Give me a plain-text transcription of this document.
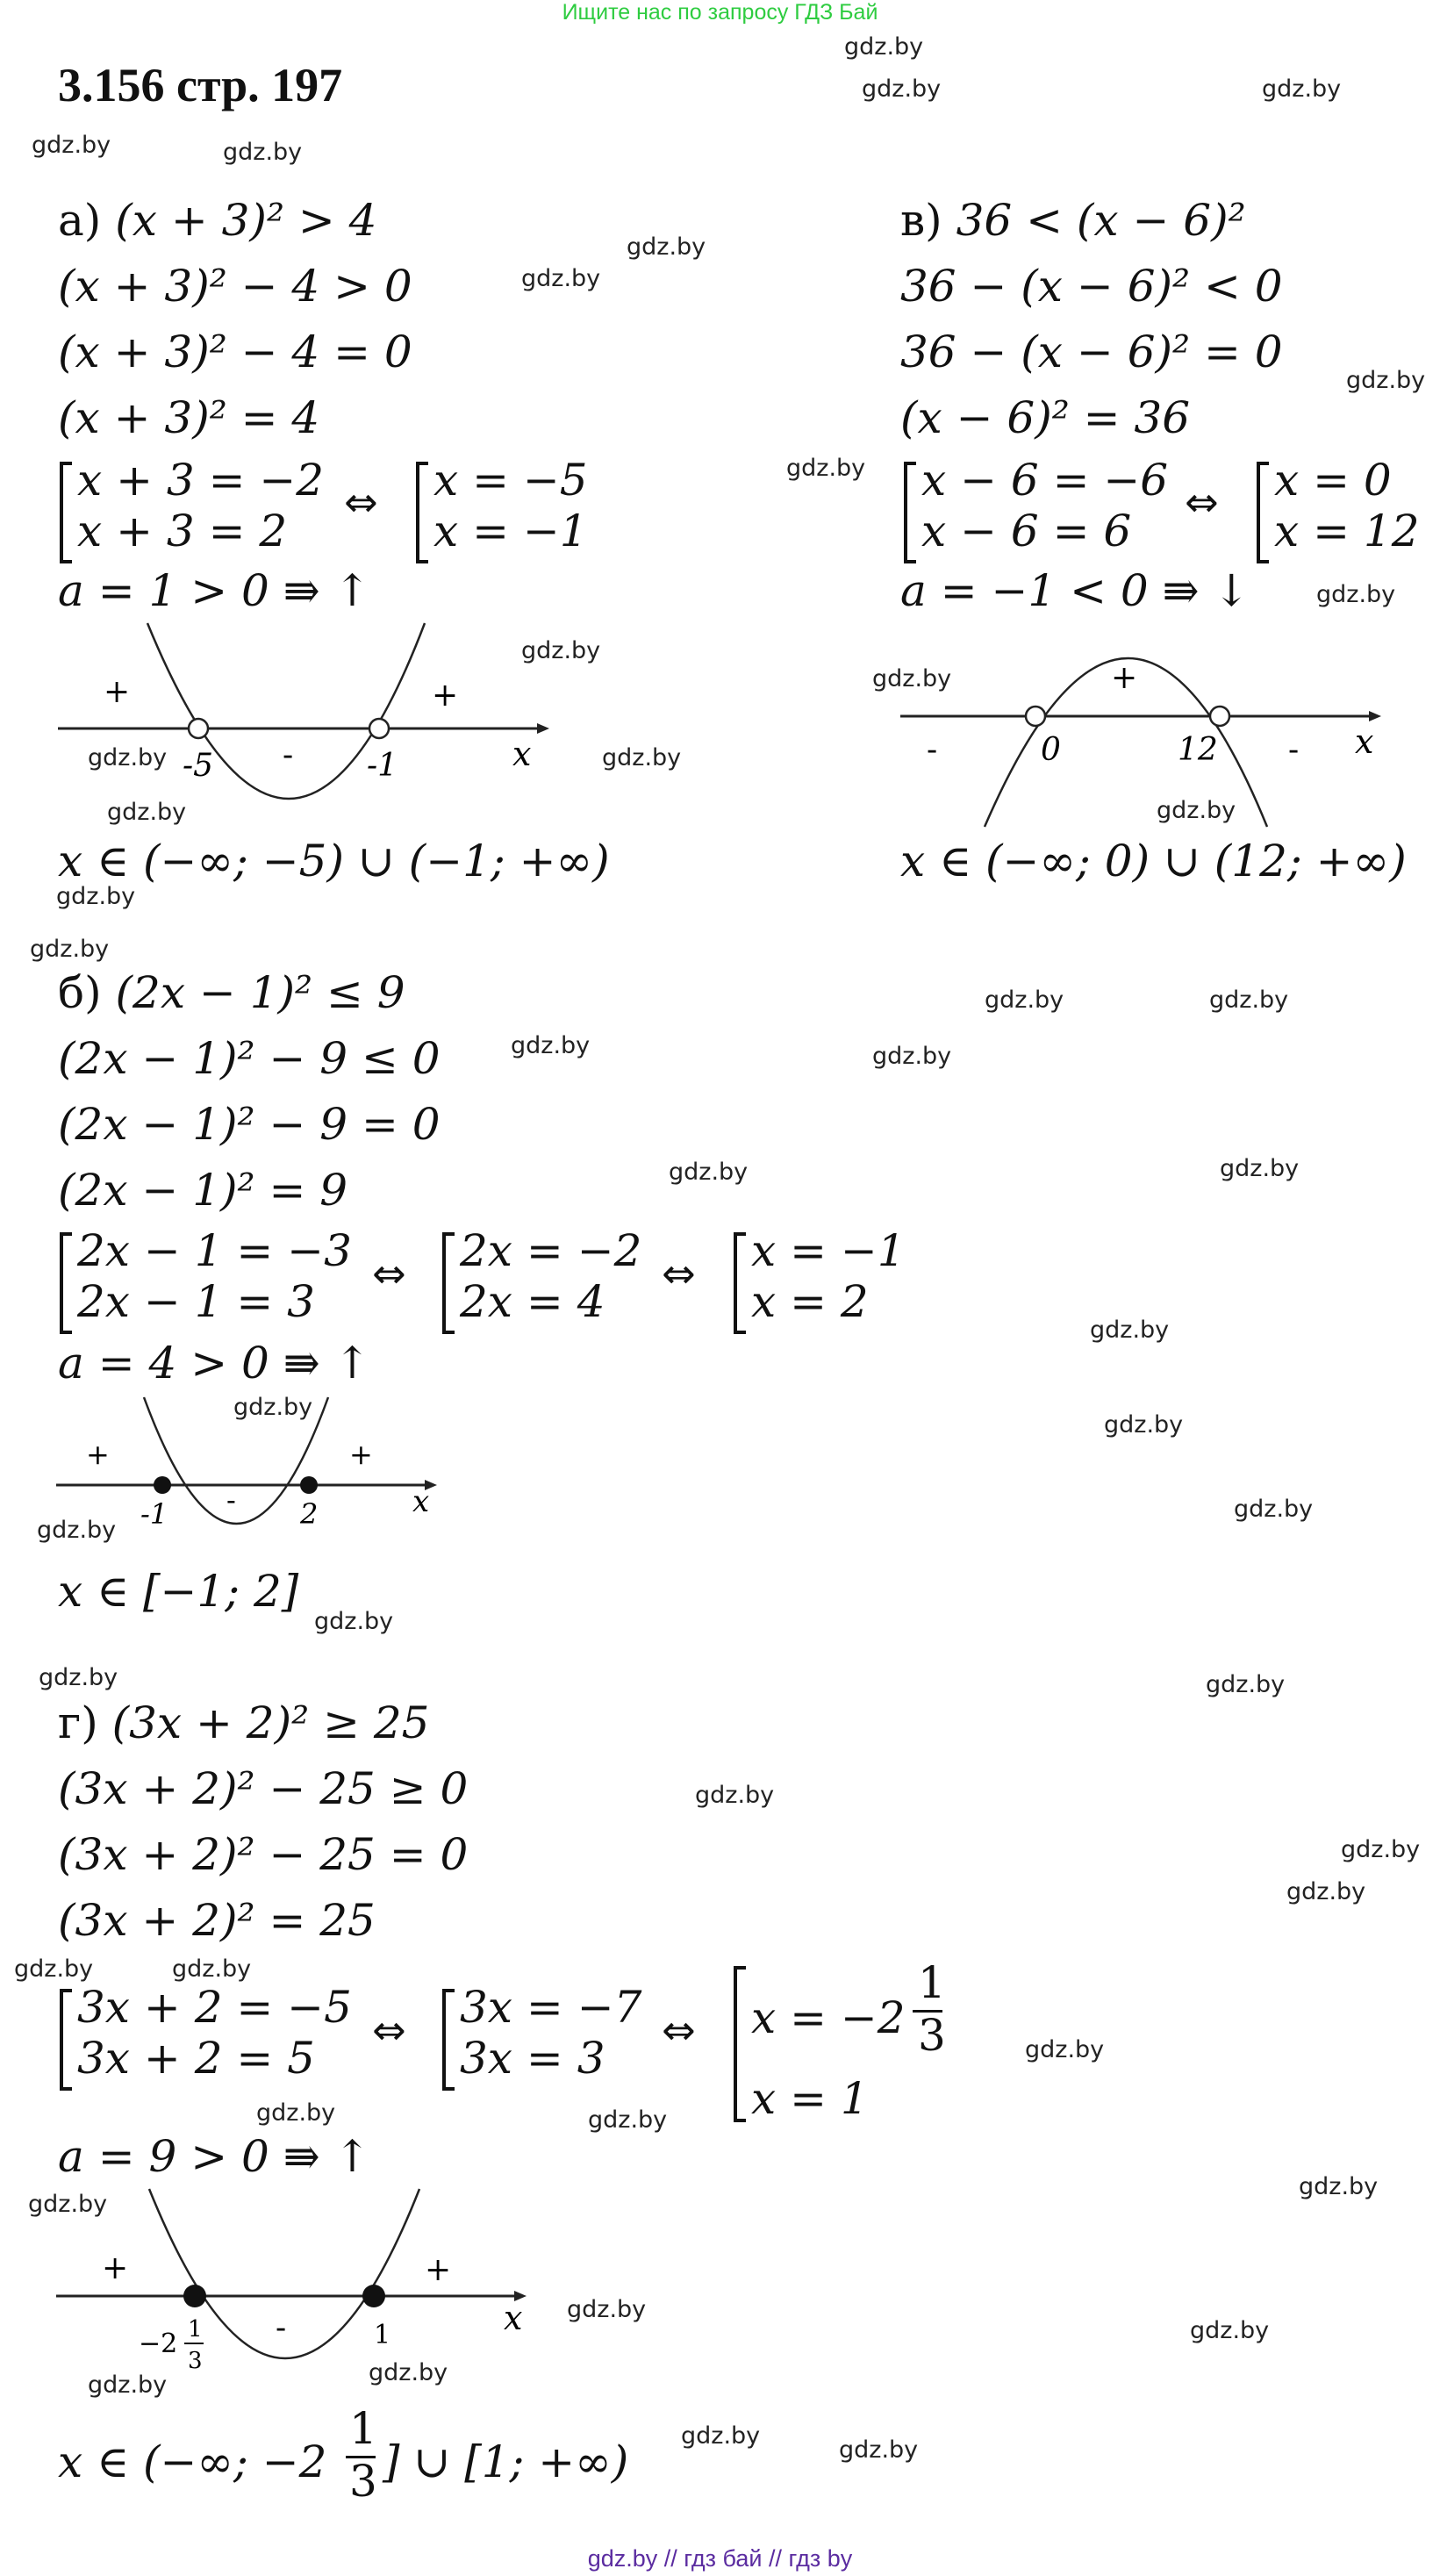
Ищите нас по запросу ГДЗ Бай
3.156 стр. 197
gdz.by
gdz.by	gdz.by
gdz.by	gdz.by
gdz.by
gdz.by
gdz.by
gdz.by
gdz.by
gdz.by
gdz.by
gdz.by	gdz.by
gdz.by	gdz.by
gdz.by
gdz.by
gdz.by	gdz.by
gdz.by	gdz.by
gdz.by	gdz.by
gdz.by
gdz.by
gdz.by
gdz.by
gdz.by
gdz.by
gdz.by	gdz.by
gdz.by
gdz.by
gdz.by
gdz.by	gdz.by
gdz.by
gdz.by	gdz.by
gdz.by
gdz.by
gdz.by
gdz.by
gdz.by
gdz.by
gdz.by
gdz.by
а) (x + 3)² > 4
(x + 3)² − 4 > 0
(x + 3)² − 4 = 0
(x + 3)² = 4
x + 3 = −2
x + 3 = 2
⇔ x = −5
x = −1
a = 1 > 0 ⇛ ↑
+
-
+
-5	-1	x
x ∈ (−∞; −5) ∪ (−1; +∞)
в) 36 < (x − 6)²
36 − (x − 6)² < 0
36 − (x − 6)² = 0
(x − 6)² = 36
x − 6 = −6
x − 6 = 6
⇔ x = 0
x = 12
a = −1 < 0 ⇛ ↓
-
+
-
0	12	x
x ∈ (−∞; 0) ∪ (12; +∞)
б) (2x − 1)² ≤ 9
(2x − 1)² − 9 ≤ 0
(2x − 1)² − 9 = 0
(2x − 1)² = 9
2x − 1 = −3
2x − 1 = 3
⇔ 2x = −2
2x = 4
⇔ x = −1
x = 2
a = 4 > 0 ⇛ ↑
+
-
+
-1	2	x
x ∈ [−1; 2]
г) (3x + 2)² ≥ 25
(3x + 2)² − 25 ≥ 0
(3x + 2)² − 25 = 0
(3x + 2)² = 25
3x + 2 = −5
3x + 2 = 5
⇔ 3x = −7
3x = 3
⇔ x = −2
1
3
x = 1
a = 9 > 0 ⇛ ↑
+
-
+
−2 1
3
1	x
x ∈ (−∞; −2
1
3 ] ∪ [1; +∞)
gdz.by // гдз бай // гдз by
